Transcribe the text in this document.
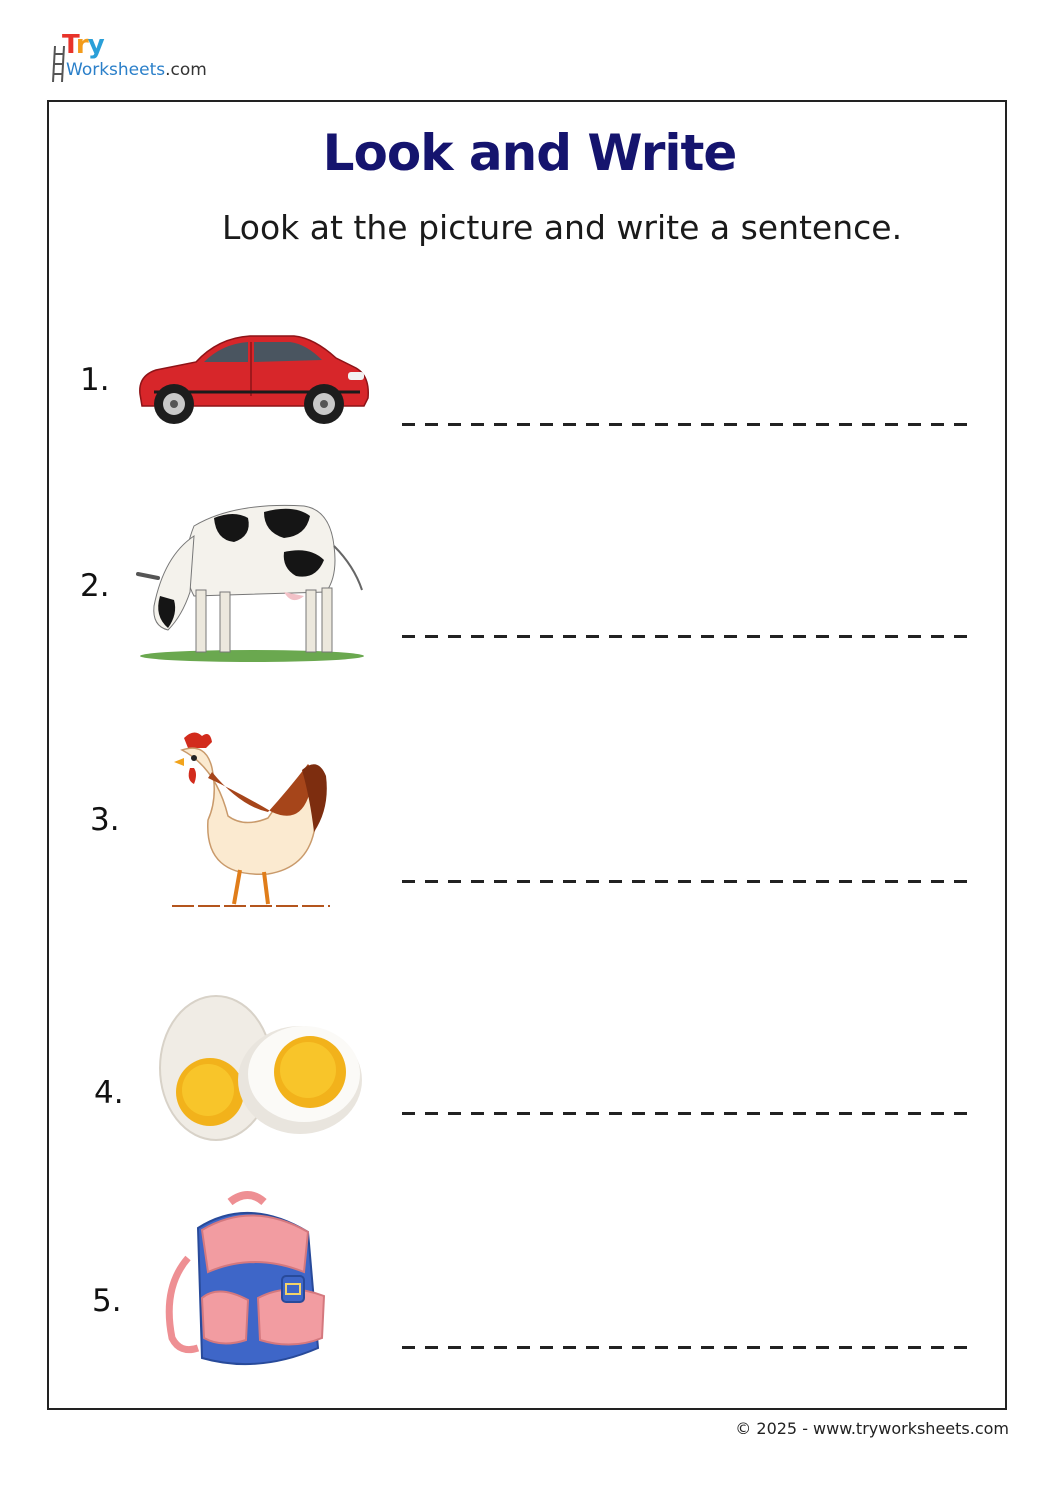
Try
Worksheets.com
Look and Write
Look at the picture and write a sentence.
1.
2.
3.
4.
5.
© 2025 - www.tryworksheets.com
